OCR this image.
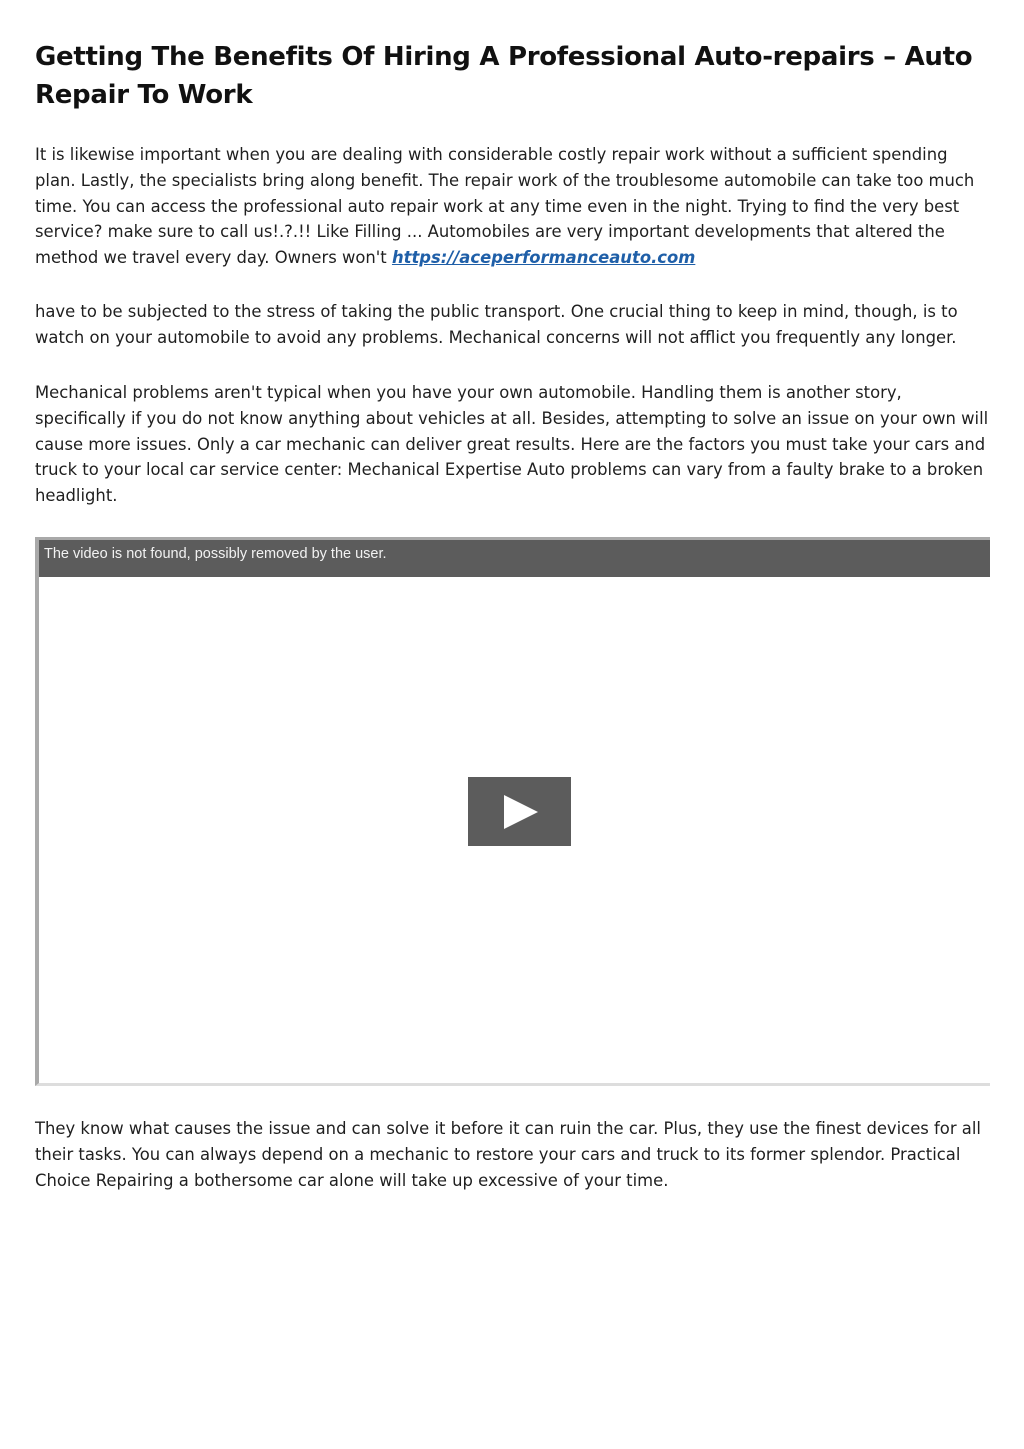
Getting The Benefits Of Hiring A Professional Auto-repairs – Auto Repair To Work

It is likewise important when you are dealing with considerable costly repair work without a sufficient spending plan. Lastly, the specialists bring along benefit. The repair work of the troublesome automobile can take too much time. You can access the professional auto repair work at any time even in the night. Trying to find the very best service? make sure to call us!.?.!! Like Filling ... Automobiles are very important developments that altered the method we travel every day. Owners won't https://aceperformanceauto.com

have to be subjected to the stress of taking the public transport. One crucial thing to keep in mind, though, is to watch on your automobile to avoid any problems. Mechanical concerns will not afflict you frequently any longer.

Mechanical problems aren't typical when you have your own automobile. Handling them is another story, specifically if you do not know anything about vehicles at all. Besides, attempting to solve an issue on your own will cause more issues. Only a car mechanic can deliver great results. Here are the factors you must take your cars and truck to your local car service center: Mechanical Expertise Auto problems can vary from a faulty brake to a broken headlight.

The video is not found, possibly removed by the user.

They know what causes the issue and can solve it before it can ruin the car. Plus, they use the finest devices for all their tasks. You can always depend on a mechanic to restore your cars and truck to its former splendor. Practical Choice Repairing a bothersome car alone will take up excessive of your time.
